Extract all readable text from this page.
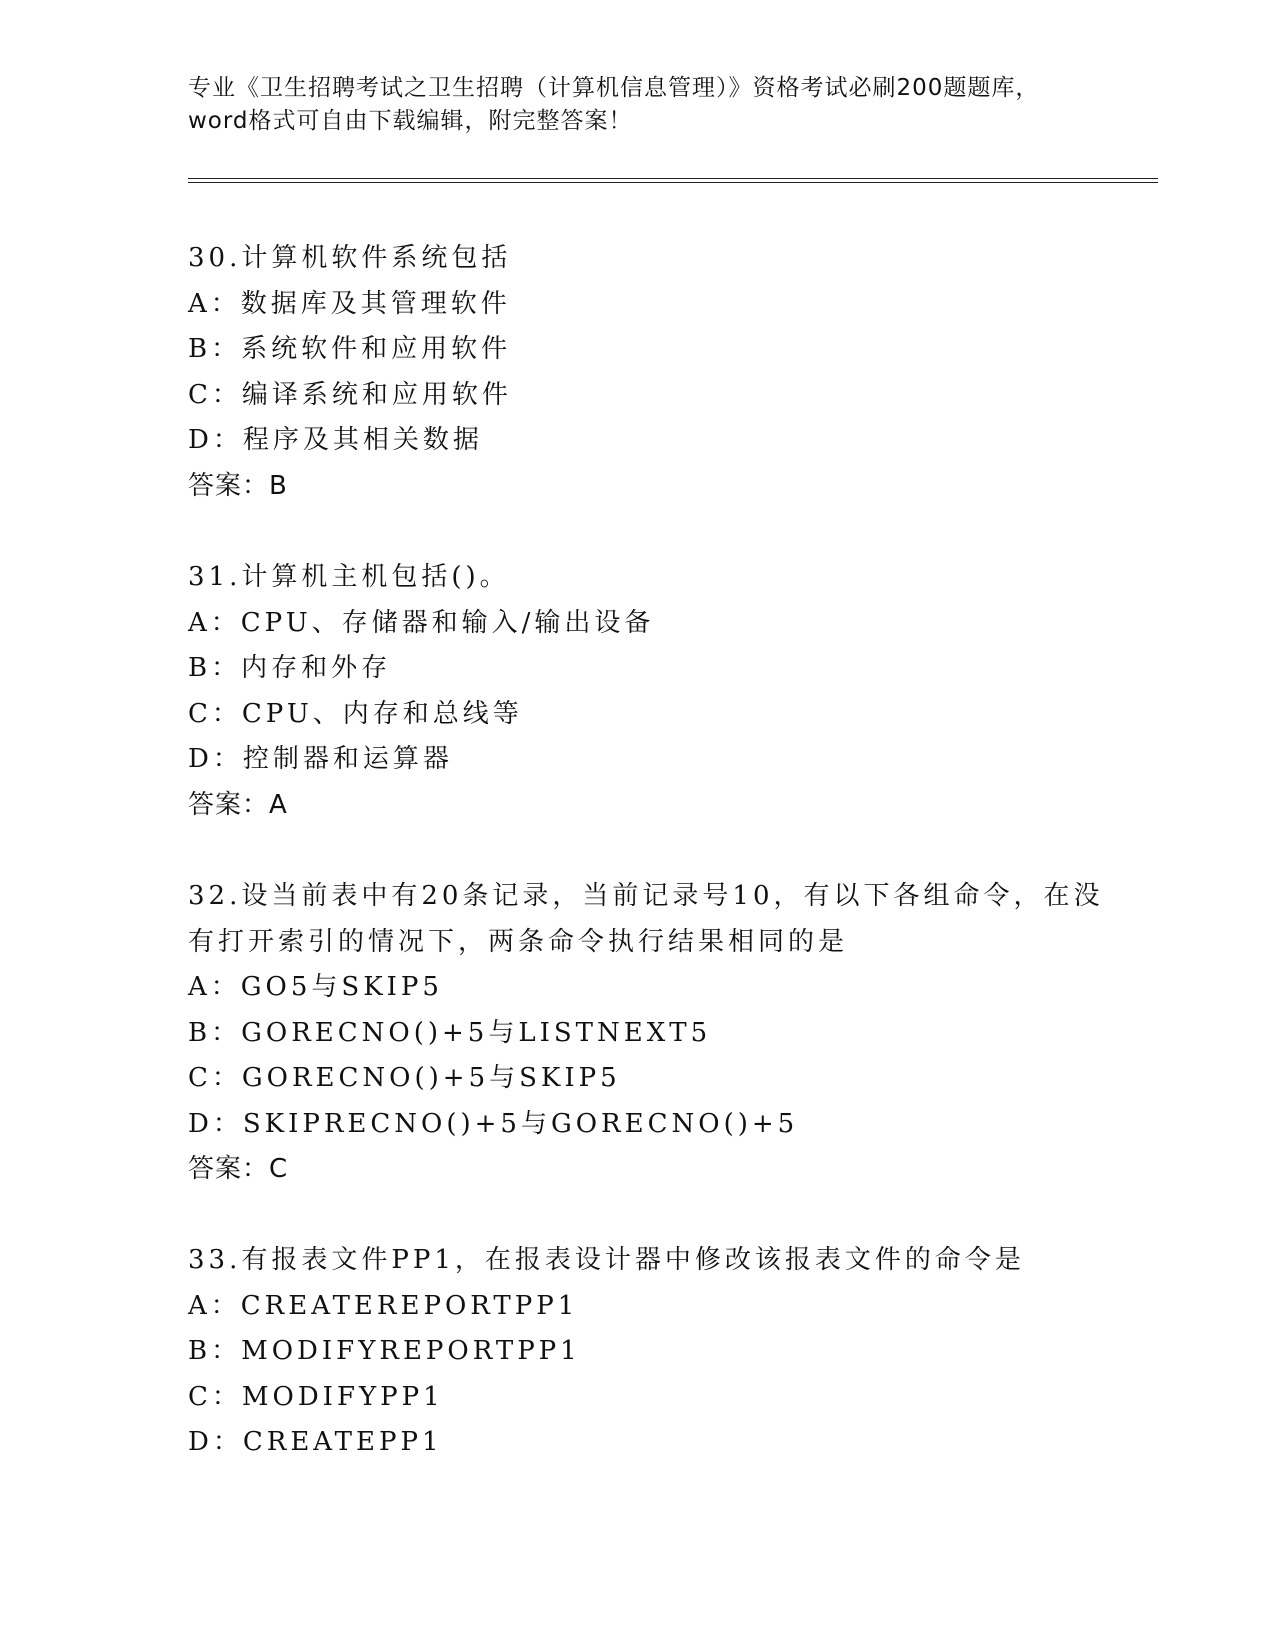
专业《卫生招聘考试之卫生招聘（计算机信息管理）》资格考试必刷200题题库，
word格式可自由下载编辑，附完整答案！
30.计算机软件系统包括
A：数据库及其管理软件
B：系统软件和应用软件
C：编译系统和应用软件
D：程序及其相关数据
答案：B
31.计算机主机包括()。
A：CPU、存储器和输入/输出设备
B：内存和外存
C：CPU、内存和总线等
D：控制器和运算器
答案：A
32.设当前表中有20条记录，当前记录号10，有以下各组命令，在没
有打开索引的情况下，两条命令执行结果相同的是
A：GO5与SKIP5
B：GORECNO()+5与LISTNEXT5
C：GORECNO()+5与SKIP5
D：SKIPRECNO()+5与GORECNO()+5
答案：C
33.有报表文件PP1，在报表设计器中修改该报表文件的命令是
A：CREATEREPORTPP1
B：MODIFYREPORTPP1
C：MODIFYPP1
D：CREATEPP1
